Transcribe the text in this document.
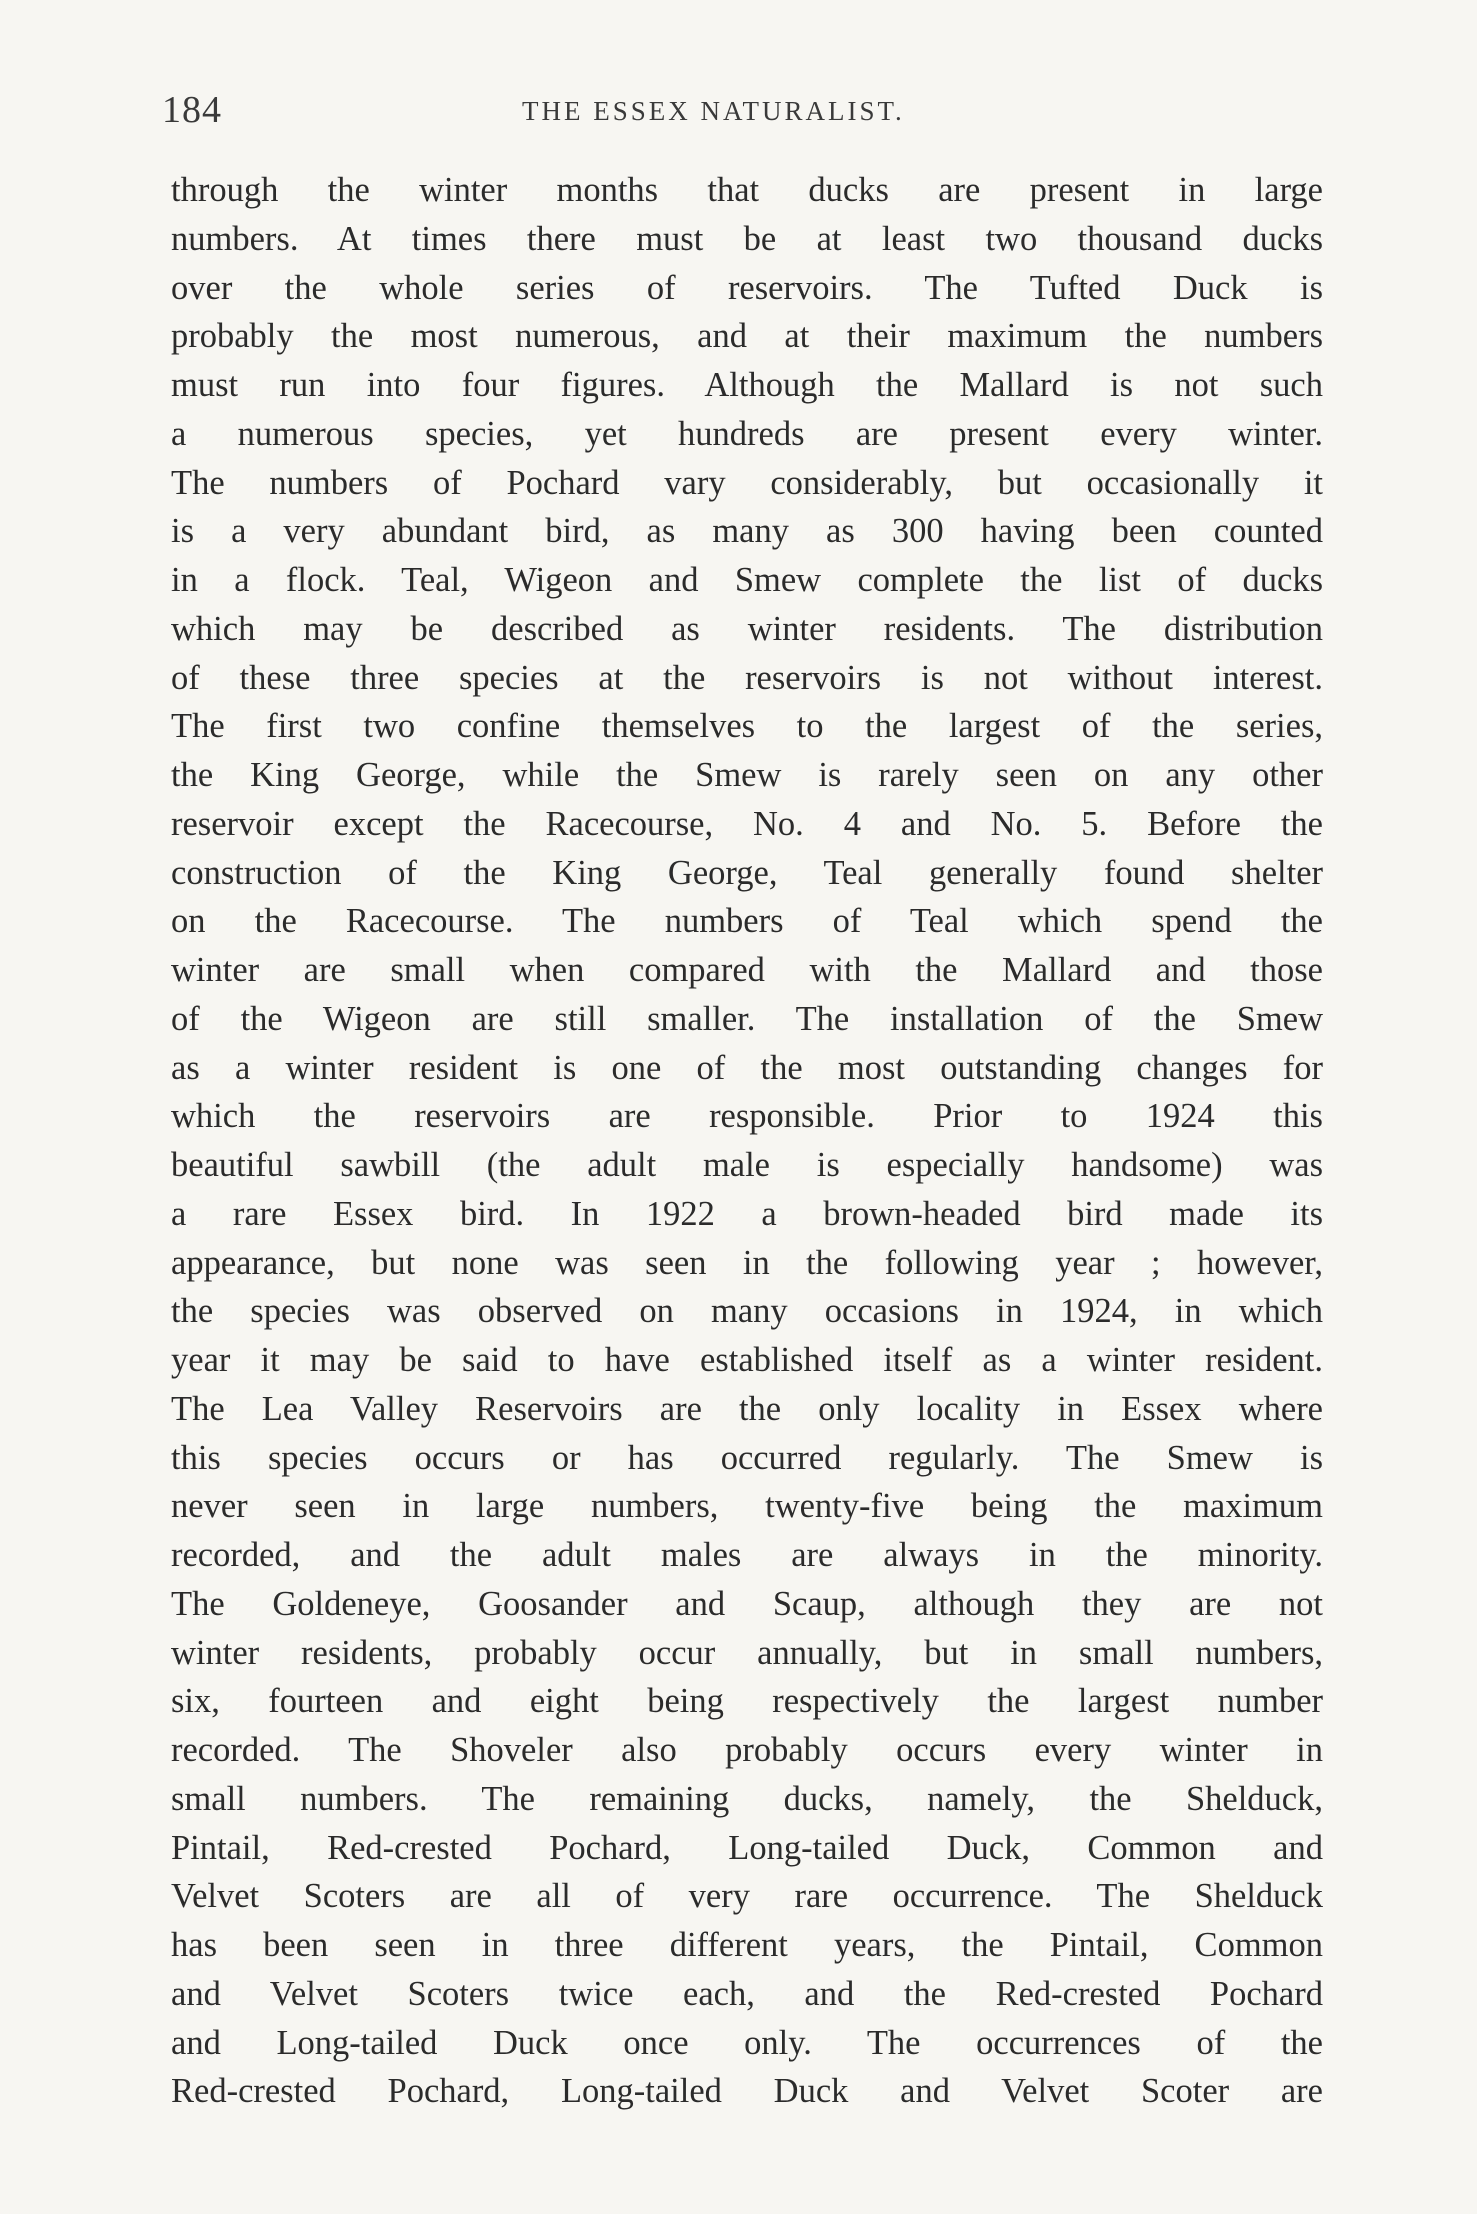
184	THE ESSEX NATURALIST.
through the winter months that ducks are present in large
numbers. At times there must be at least two thousand ducks
over the whole series of reservoirs. The Tufted Duck is
probably the most numerous, and at their maximum the numbers
must run into four figures. Although the Mallard is not such
a numerous species, yet hundreds are present every winter.
The numbers of Pochard vary considerably, but occasionally it
is a very abundant bird, as many as 300 having been counted
in a flock. Teal, Wigeon and Smew complete the list of ducks
which may be described as winter residents. The distribution
of these three species at the reservoirs is not without interest.
The first two confine themselves to the largest of the series,
the King George, while the Smew is rarely seen on any other
reservoir except the Racecourse, No. 4 and No. 5. Before the
construction of the King George, Teal generally found shelter
on the Racecourse. The numbers of Teal which spend the
winter are small when compared with the Mallard and those
of the Wigeon are still smaller. The installation of the Smew
as a winter resident is one of the most outstanding changes for
which the reservoirs are responsible. Prior to 1924 this
beautiful sawbill (the adult male is especially handsome) was
a rare Essex bird. In 1922 a brown-headed bird made its
appearance, but none was seen in the following year ; however,
the species was observed on many occasions in 1924, in which
year it may be said to have established itself as a winter resident.
The Lea Valley Reservoirs are the only locality in Essex where
this species occurs or has occurred regularly. The Smew is
never seen in large numbers, twenty-five being the maximum
recorded, and the adult males are always in the minority.
The Goldeneye, Goosander and Scaup, although they are not
winter residents, probably occur annually, but in small numbers,
six, fourteen and eight being respectively the largest number
recorded. The Shoveler also probably occurs every winter in
small numbers. The remaining ducks, namely, the Shelduck,
Pintail, Red-crested Pochard, Long-tailed Duck, Common and
Velvet Scoters are all of very rare occurrence. The Shelduck
has been seen in three different years, the Pintail, Common
and Velvet Scoters twice each, and the Red-crested Pochard
and Long-tailed Duck once only. The occurrences of the
Red-crested Pochard, Long-tailed Duck and Velvet Scoter are
